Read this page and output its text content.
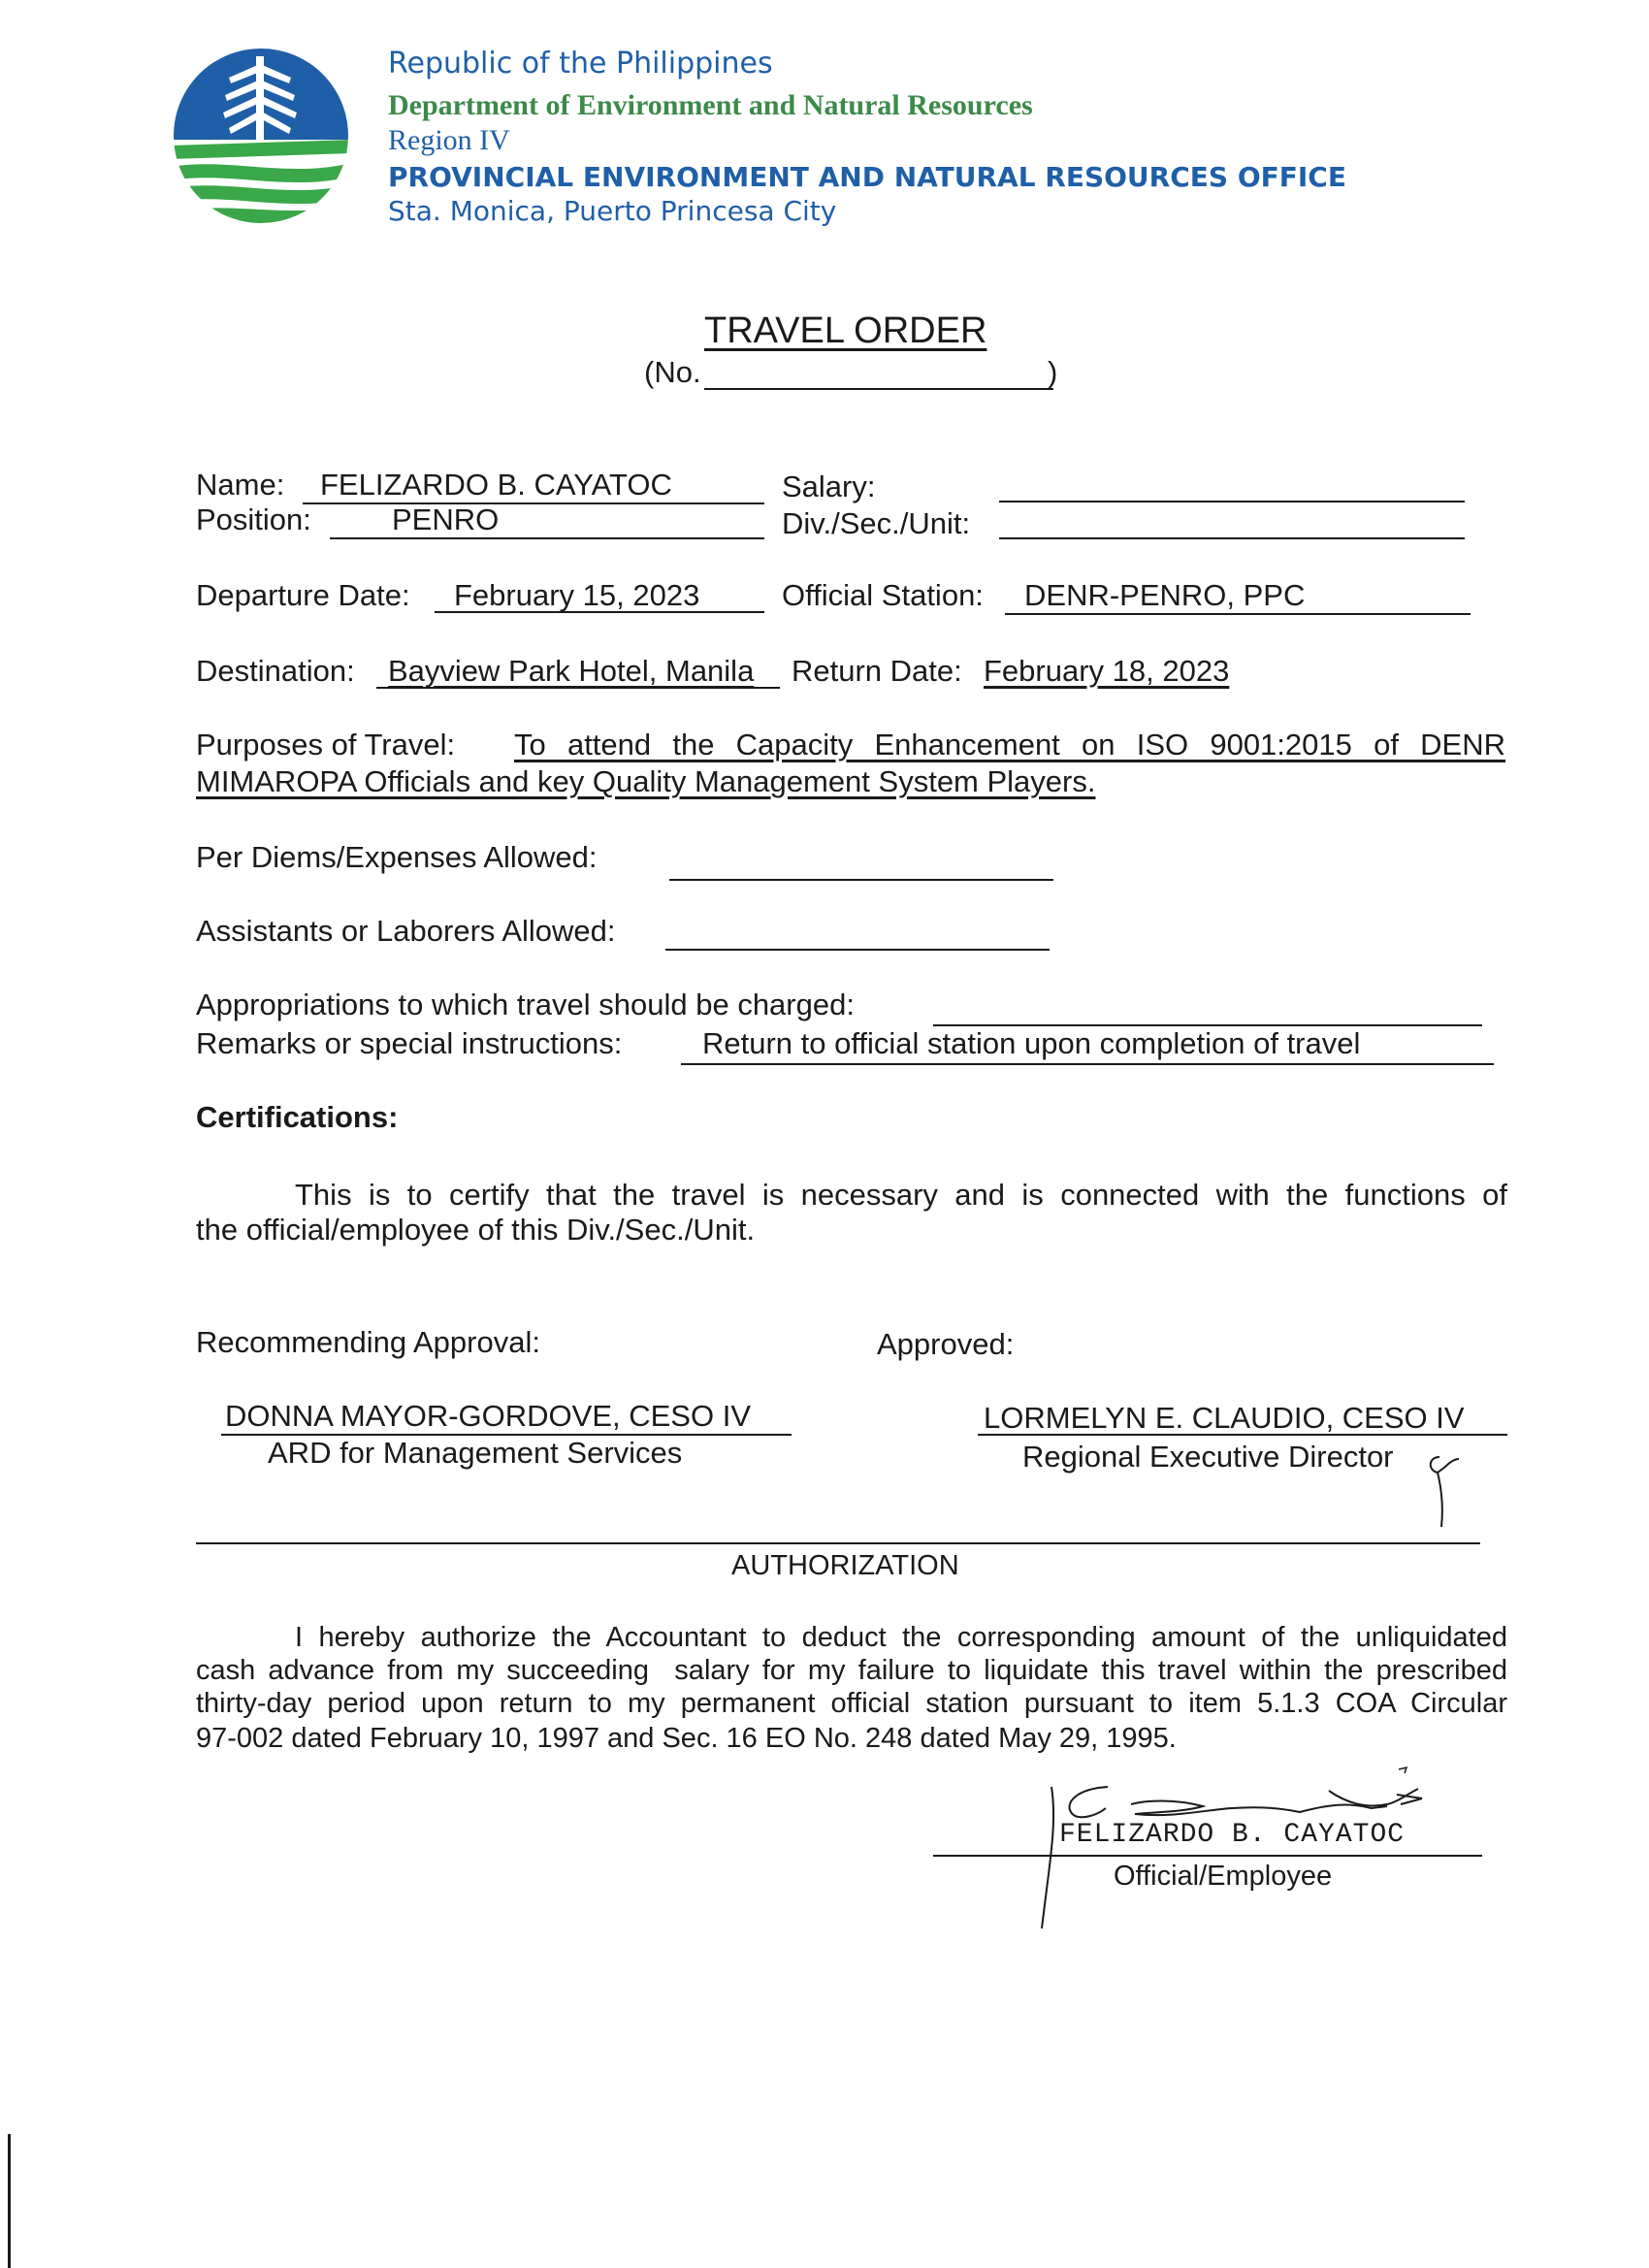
Republic of the Philippines
Department of Environment and Natural Resources
Region IV
PROVINCIAL ENVIRONMENT AND NATURAL RESOURCES OFFICE
Sta. Monica, Puerto Princesa City
TRAVEL ORDER
(No.	)
Name: FELIZARDO B. CAYATOC	Salary:
Position:	PENRO	Div./Sec./Unit:
Departure Date: February 15, 2023	Official Station: DENR-PENRO, PPC
Destination: Bayview Park Hotel, Manila Return Date: February 18, 2023
Purposes of Travel: To attend the Capacity Enhancement on ISO 9001:2015 of DENR
MIMAROPA Officials and key Quality Management System Players.
Per Diems/Expenses Allowed:
Assistants or Laborers Allowed:
Appropriations to which travel should be charged:
Remarks or special instructions:	Return to official station upon completion of travel
Certifications:
This is to certify that the travel is necessary and is connected with the functions of
the official/employee of this Div./Sec./Unit.
Recommending Approval:
DONNA MAYOR-GORDOVE, CESO IV
ARD for Management Services
Approved:
LORMELYN E. CLAUDIO, CESO IV
Regional Executive Director
AUTHORIZATION
I hereby authorize the Accountant to deduct the corresponding amount of the unliquidated
cash advance from my succeeding  salary for my failure to liquidate this travel within the prescribed
thirty-day period upon return to my permanent official station pursuant to item 5.1.3 COA Circular
97-002 dated February 10, 1997 and Sec. 16 EO No. 248 dated May 29, 1995.
FELIZARDO B. CAYATOC
Official/Employee
